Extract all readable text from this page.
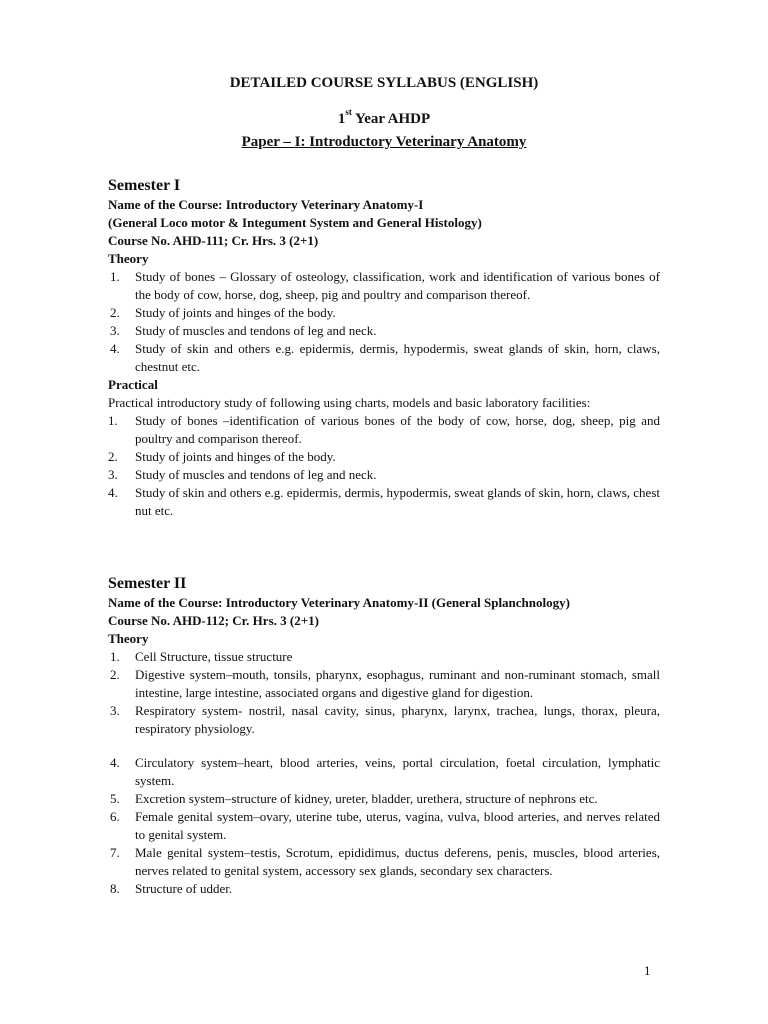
DETAILED COURSE SYLLABUS (ENGLISH)
1st Year AHDP
Paper – I: Introductory Veterinary Anatomy

Semester I

Name of the Course: Introductory Veterinary Anatomy-I

(General Loco motor & Integument System and General Histology)

Course No. AHD-111; Cr. Hrs. 3 (2+1)

Theory

1.	Study of bones – Glossary of osteology, classification, work and identification of various bones of the body of cow, horse, dog, sheep, pig and poultry and comparison thereof.
2.	Study of joints and hinges of the body.
3.	Study of muscles and tendons of leg and neck.
4.	Study of skin and others e.g. epidermis, dermis, hypodermis, sweat glands of skin, horn, claws, chestnut etc.

Practical

Practical introductory study of following using charts, models and basic laboratory facilities:

1.	Study of bones –identification of various bones of the body of cow, horse, dog, sheep, pig and poultry and comparison thereof.
2.	Study of joints and hinges of the body.
3.	Study of muscles and tendons of leg and neck.
4.	Study of skin and others e.g. epidermis, dermis, hypodermis, sweat glands of skin, horn, claws, chest nut etc.

Semester II

Name of the Course: Introductory Veterinary Anatomy-II (General Splanchnology)

Course No. AHD-112; Cr. Hrs. 3 (2+1)

Theory

1.	Cell Structure, tissue structure
2.	Digestive system–mouth, tonsils, pharynx, esophagus, ruminant and non-ruminant stomach, small intestine, large intestine, associated organs and digestive gland for digestion.
3.	Respiratory system- nostril, nasal cavity, sinus, pharynx, larynx, trachea, lungs, thorax, pleura, respiratory physiology.
4.	Circulatory system–heart, blood arteries, veins, portal circulation, foetal circulation, lymphatic system.
5.	Excretion system–structure of kidney, ureter, bladder, urethera, structure of nephrons etc.
6.	Female genital system–ovary, uterine tube, uterus, vagina, vulva, blood arteries, and nerves related to genital system.
7.	Male genital system–testis, Scrotum, epididimus, ductus deferens, penis, muscles, blood arteries, nerves related to genital system, accessory sex glands, secondary sex characters.
8.	Structure of udder.
1
